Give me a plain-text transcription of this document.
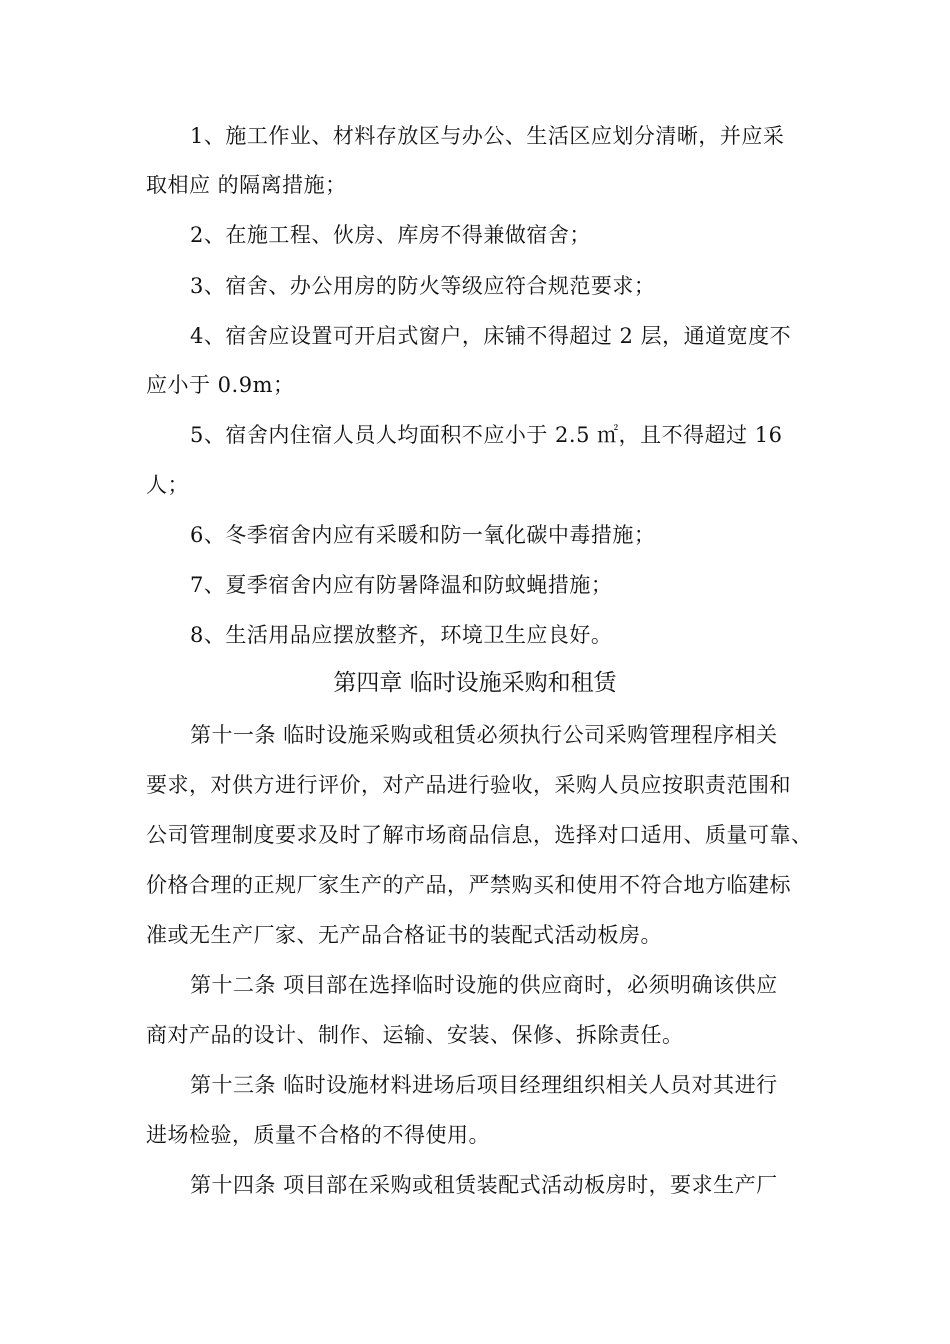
1、施工作业、材料存放区与办公、生活区应划分清晰，并应采
取相应 的隔离措施；
2、在施工程、伙房、库房不得兼做宿舍；
3、宿舍、办公用房的防火等级应符合规范要求；
4、宿舍应设置可开启式窗户，床铺不得超过 2 层，通道宽度不
应小于 0.9m；
5、宿舍内住宿人员人均面积不应小于 2.5 ㎡，且不得超过 16
人；
6、冬季宿舍内应有采暖和防一氧化碳中毒措施；
7、夏季宿舍内应有防暑降温和防蚊蝇措施；
8、生活用品应摆放整齐，环境卫生应良好。
第四章 临时设施采购和租赁
第十一条 临时设施采购或租赁必须执行公司采购管理程序相关
要求，对供方进行评价，对产品进行验收，采购人员应按职责范围和
公司管理制度要求及时了解市场商品信息，选择对口适用、质量可靠、
价格合理的正规厂家生产的产品，严禁购买和使用不符合地方临建标
准或无生产厂家、无产品合格证书的装配式活动板房。
第十二条 项目部在选择临时设施的供应商时，必须明确该供应
商对产品的设计、制作、运输、安装、保修、拆除责任。
第十三条 临时设施材料进场后项目经理组织相关人员对其进行
进场检验，质量不合格的不得使用。
第十四条 项目部在采购或租赁装配式活动板房时，要求生产厂
